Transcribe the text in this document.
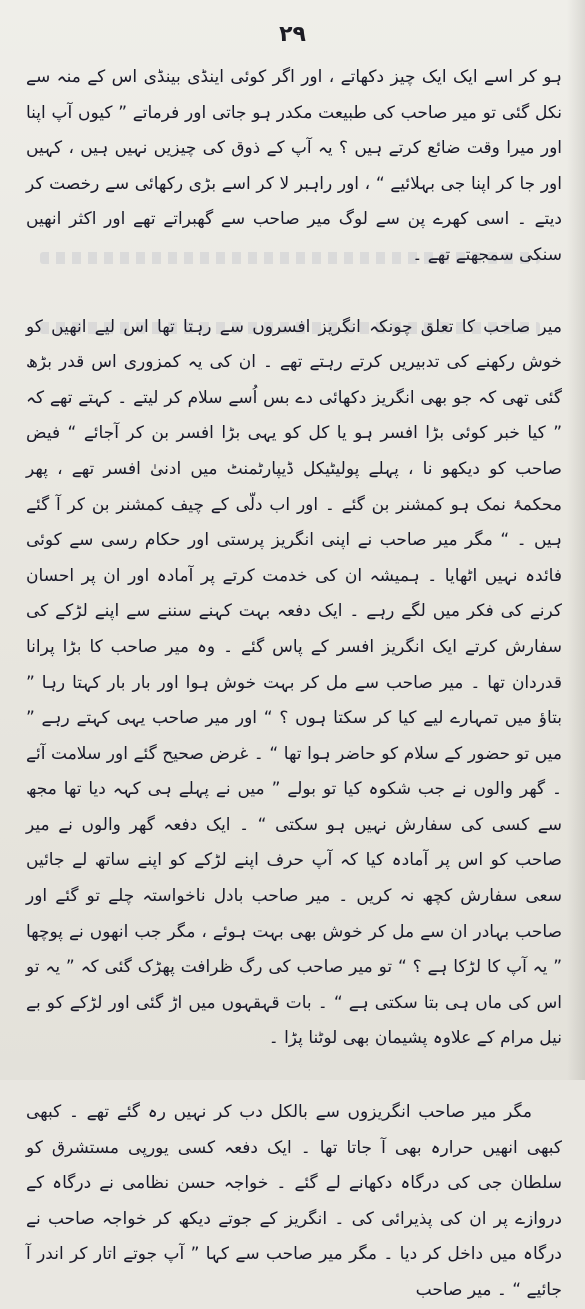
۲۹

ہو کر اسے ایک ایک چیز دکھاتے ، اور اگر کوئی اینڈی بینڈی اس کے منہ سے نکل گئی تو میر صاحب کی طبیعت مکدر ہو جاتی اور فرماتے ” کیوں آپ اپنا اور میرا وقت ضائع کرتے ہیں ؟ یہ آپ کے ذوق کی چیزیں نہیں ہیں ، کہیں اور جا کر اپنا جی بہلائیے “ ، اور راہبر لا کر اسے بڑی رکھائی سے رخصت کر دیتے ۔ اسی کھرے پن سے لوگ میر صاحب سے گھبراتے تھے اور اکثر انھیں سنکی سمجھتے تھے ۔

میر صاحب کا تعلق چونکہ انگریز افسروں سے رہتا تھا اس لیے انھیں کو خوش رکھنے کی تدبیریں کرتے رہتے تھے ۔ ان کی یہ کمزوری اس قدر بڑھ گئی تھی کہ جو بھی انگریز دکھائی دے بس اُسے سلام کر لیتے ۔ کہتے تھے کہ ” کیا خبر کوئی بڑا افسر ہو یا کل کو یہی بڑا افسر بن کر آجائے “ فیض صاحب کو دیکھو نا ، پہلے پولیٹیکل ڈیپارٹمنٹ میں ادنیٰ افسر تھے ، پھر محکمۂ نمک ہو کمشنر بن گئے ۔ اور اب دلّی کے چیف کمشنر بن کر آ گئے ہیں ۔ “ مگر میر صاحب نے اپنی انگریز پرستی اور حکام رسی سے کوئی فائدہ نہیں اٹھایا ۔ ہمیشہ ان کی خدمت کرتے پر آمادہ اور ان پر احسان کرنے کی فکر میں لگے رہے ۔ ایک دفعہ بہت کہنے سننے سے اپنے لڑکے کی سفارش کرتے ایک انگریز افسر کے پاس گئے ۔ وہ میر صاحب کا بڑا پرانا قدردان تھا ۔ میر صاحب سے مل کر بہت خوش ہوا اور بار بار کہتا رہا ” بتاؤ میں تمہارے لیے کیا کر سکتا ہوں ؟ “ اور میر صاحب یہی کہتے رہے ” میں تو حضور کے سلام کو حاضر ہوا تھا “ ۔ غرض صحیح گئے اور سلامت آئے ۔ گھر والوں نے جب شکوہ کیا تو بولے ” میں نے پہلے ہی کہہ دیا تھا مجھ سے کسی کی سفارش نہیں ہو سکتی “ ۔ ایک دفعہ گھر والوں نے میر صاحب کو اس پر آمادہ کیا کہ آپ حرف اپنے لڑکے کو اپنے ساتھ لے جائیں سعی سفارش کچھ نہ کریں ۔ میر صاحب بادل ناخواستہ چلے تو گئے اور صاحب بہادر ان سے مل کر خوش بھی بہت ہوئے ، مگر جب انھوں نے پوچھا ” یہ آپ کا لڑکا ہے ؟ “ تو میر صاحب کی رگ ظرافت پھڑک گئی کہ ” یہ تو اس کی ماں ہی بتا سکتی ہے “ ۔ بات قہقہوں میں اڑ گئی اور لڑکے کو بے نیل مرام کے علاوہ پشیمان بھی لوٹنا پڑا ۔

مگر میر صاحب انگریزوں سے بالکل دب کر نہیں رہ گئے تھے ۔ کبھی کبھی انھیں حرارہ بھی آ جاتا تھا ۔ ایک دفعہ کسی یورپی مستشرق کو سلطان جی کی درگاہ دکھانے لے گئے ۔ خواجہ حسن نظامی نے درگاہ کے دروازے پر ان کی پذیرائی کی ۔ انگریز کے جوتے دیکھ کر خواجہ صاحب نے درگاہ میں داخل کر دیا ۔ مگر میر صاحب سے کہا ” آپ جوتے اتار کر اندر آ جائیے “ ۔ میر صاحب
